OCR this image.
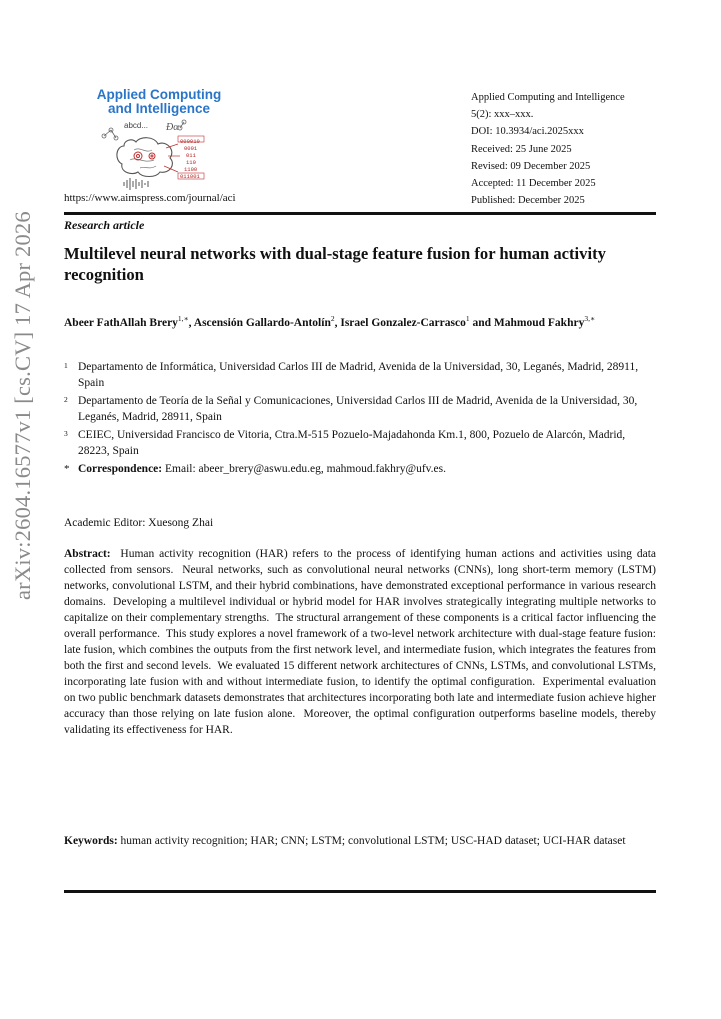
arXiv:2604.16577v1 [cs.CV] 17 Apr 2026
Applied Computing
and Intelligence
abcd... Ðα
000010
0001
011
110
1100
011001
https://www.aimspress.com/journal/aci
Applied Computing and Intelligence
5(2): xxx–xxx.
DOI: 10.3934/aci.2025xxx
Received: 25 June 2025
Revised: 09 December 2025
Accepted: 11 December 2025
Published: December 2025
Research article
Multilevel neural networks with dual-stage feature fusion for human activity recognition
Abeer FathAllah Brery$^{1,∗}$, Ascensión Gallardo-Antolín$^2$, Israel Gonzalez-Carrasco$^1$ and Mahmoud Fakhry$^{3,∗}$
1 Departamento de Informática, Universidad Carlos III de Madrid, Avenida de la Universidad, 30, Leganés, Madrid, 28911, Spain
2 Departamento de Teoría de la Señal y Comunicaciones, Universidad Carlos III de Madrid, Avenida de la Universidad, 30, Leganés, Madrid, 28911, Spain
3 CEIEC, Universidad Francisco de Vitoria, Ctra.M-515 Pozuelo-Majadahonda Km.1, 800, Pozuelo de Alarcón, Madrid, 28223, Spain
* Correspondence: Email: abeer_brery@aswu.edu.eg, mahmoud.fakhry@ufv.es.
Academic Editor: Xuesong Zhai
Abstract:  Human activity recognition (HAR) refers to the process of identifying human actions and activities using data collected from sensors.  Neural networks, such as convolutional neural networks (CNNs), long short-term memory (LSTM) networks, convolutional LSTM, and their hybrid combinations, have demonstrated exceptional performance in various research domains.  Developing a multilevel individual or hybrid model for HAR involves strategically integrating multiple networks to capitalize on their complementary strengths.  The structural arrangement of these components is a critical factor influencing the overall performance.  This study explores a novel framework of a two-level network architecture with dual-stage feature fusion:  late fusion, which combines the outputs from the first network level, and intermediate fusion, which integrates the features from both the first and second levels.  We evaluated 15 different network architectures of CNNs, LSTMs, and convolutional LSTMs, incorporating late fusion with and without intermediate fusion, to identify the optimal configuration.  Experimental evaluation on two public benchmark datasets demonstrates that architectures incorporating both late and intermediate fusion achieve higher accuracy than those relying on late fusion alone.  Moreover, the optimal configuration outperforms baseline models, thereby validating its effectiveness for HAR.
Keywords: human activity recognition; HAR; CNN; LSTM; convolutional LSTM; USC-HAD dataset; UCI-HAR dataset
